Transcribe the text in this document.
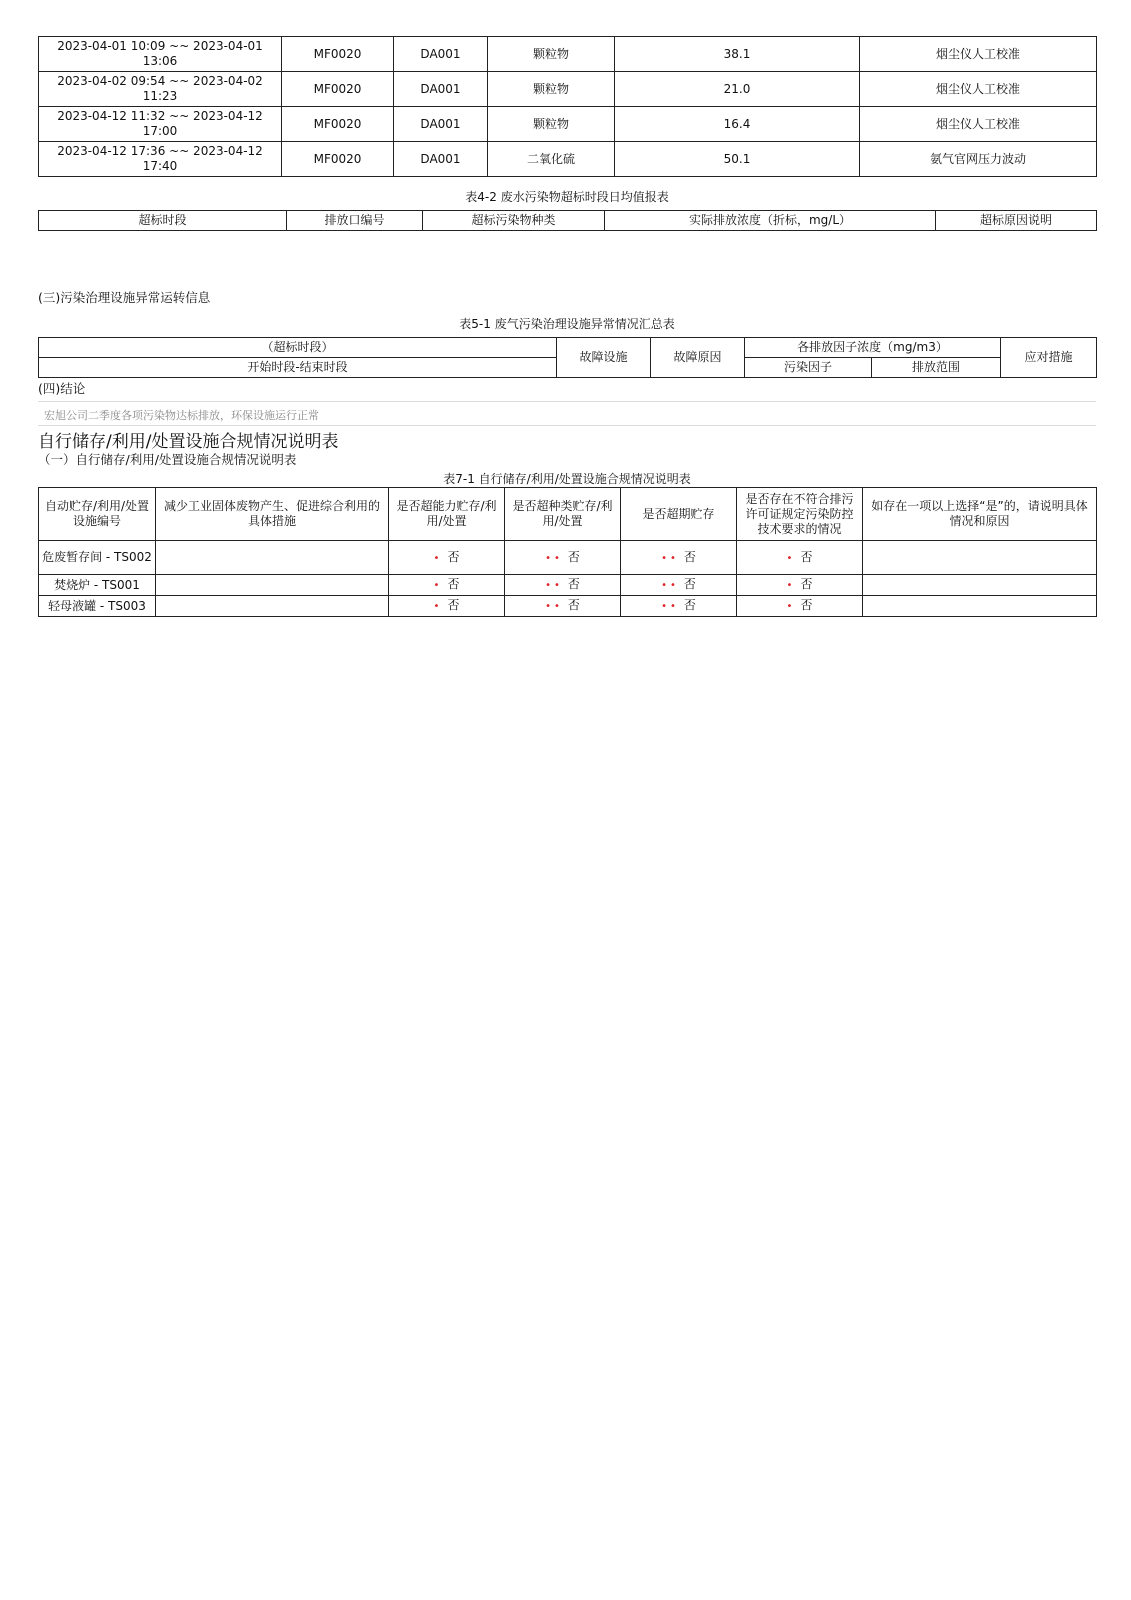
2023-04-01 10:09 ~~ 2023-04-01 13:06	MF0020	DA001	颗粒物	38.1	烟尘仪人工校准
2023-04-02 09:54 ~~ 2023-04-02 11:23	MF0020	DA001	颗粒物	21.0	烟尘仪人工校准
2023-04-12 11:32 ~~ 2023-04-12 17:00	MF0020	DA001	颗粒物	16.4	烟尘仪人工校准
2023-04-12 17:36 ~~ 2023-04-12 17:40	MF0020	DA001	二氧化硫	50.1	氨气官网压力波动
表4-2 废水污染物超标时段日均值报表
超标时段	排放口编号	超标污染物种类	实际排放浓度（折标，mg/L）	超标原因说明
(三)污染治理设施异常运转信息
表5-1 废气污染治理设施异常情况汇总表
（超标时段）	故障设施	故障原因	各排放因子浓度（mg/m3）		应对措施
开始时段-结束时段			污染因子	排放范围	
(四)结论
宏旭公司二季度各项污染物达标排放，环保设施运行正常
自行储存/利用/处置设施合规情况说明表
（一）自行储存/利用/处置设施合规情况说明表
表7-1 自行储存/利用/处置设施合规情况说明表
自动贮存/利用/处置设施编号	减少工业固体废物产生、促进综合利用的具体措施	是否超能力贮存/利用/处置	是否超种类贮存/利用/处置	是否超期贮存	是否存在不符合排污许可证规定污染防控技术要求的情况	如存在一项以上选择“是”的，请说明具体情况和原因
危废暂存间 - TS002		• 否	•• 否	•• 否	• 否	
焚烧炉 - TS001		• 否	•• 否	•• 否	• 否	
轻母液罐 - TS003		• 否	•• 否	•• 否	• 否	
